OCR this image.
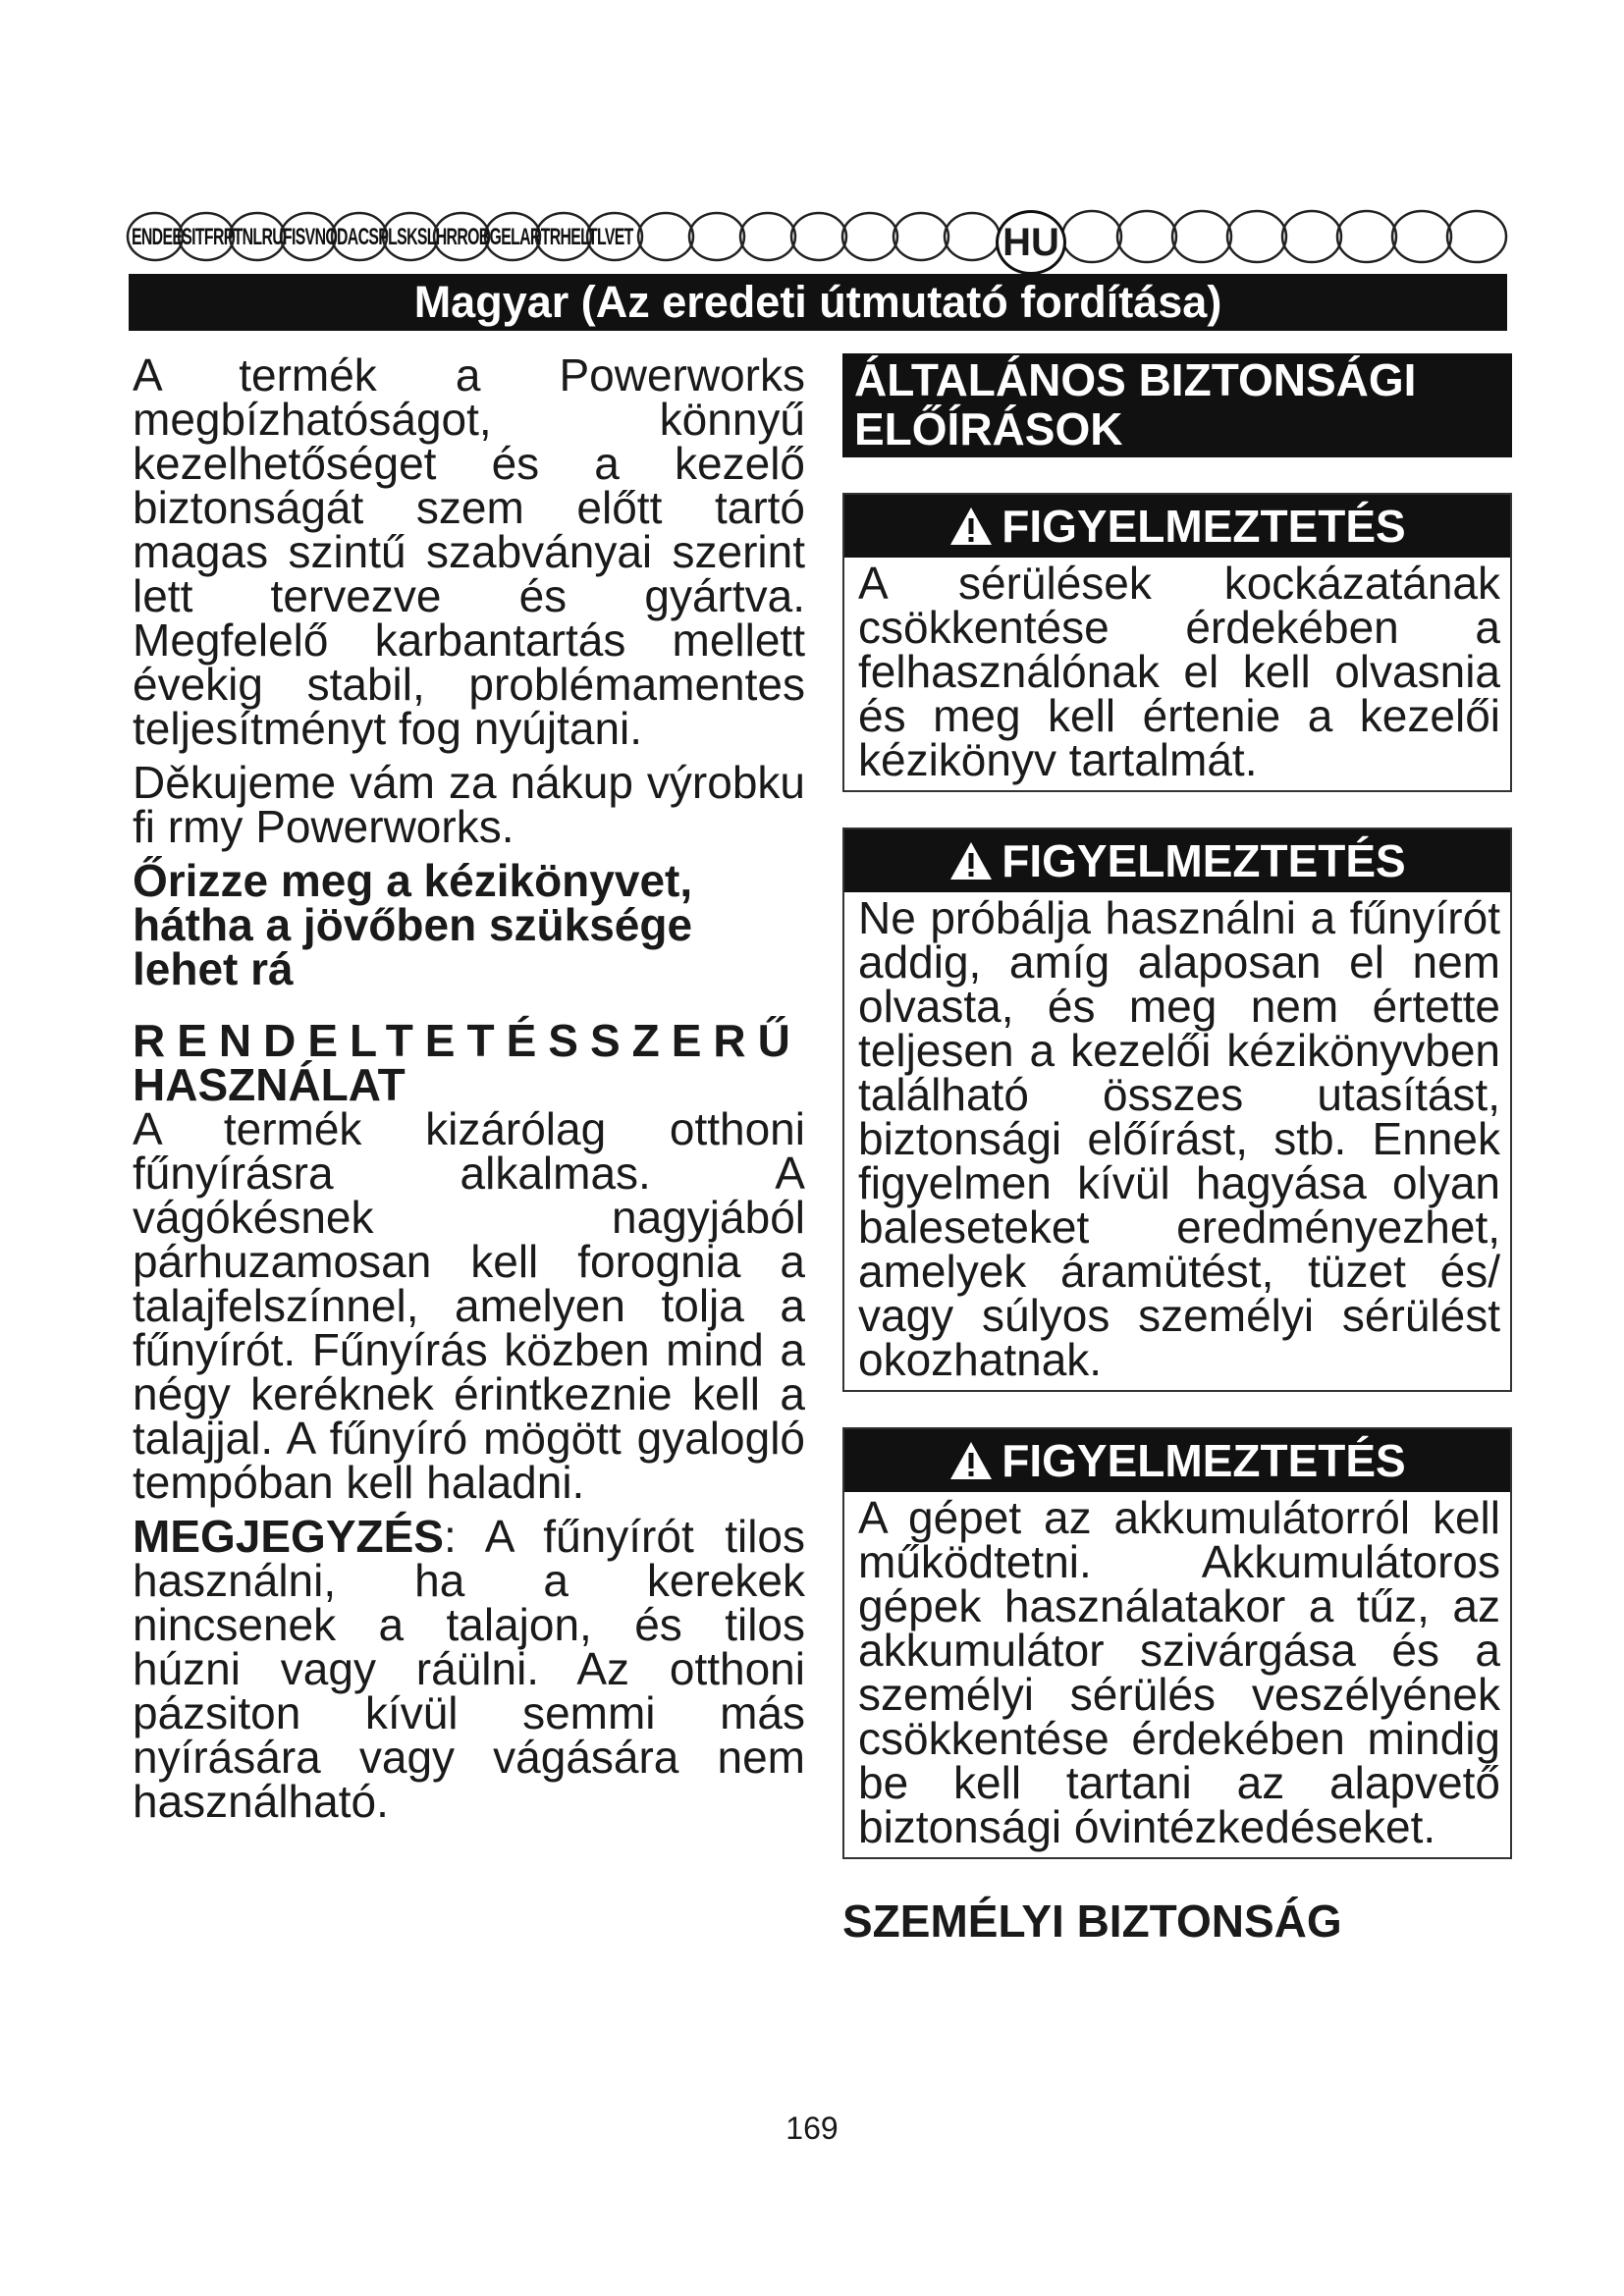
ENDEESITFRPTNLRUFISVNODACSPLSKSLHRROBGELARTRHELTLVET	HU
Magyar (Az eredeti útmutató fordítása)

A termék a Powerworks megbízhatóságot, könnyű kezelhetőséget és a kezelő biztonságát szem előtt tartó magas szintű szabványai szerint lett tervezve és gyártva. Megfelelő karbantartás mellett évekig stabil, problémamentes teljesítményt fog nyújtani.

Děkujeme vám za nákup výrobku fi rmy Powerworks.

Őrizze meg a kézikönyvet, hátha a jövőben szüksége lehet rá

RENDELTETÉSSZERŰ
HASZNÁLAT

A termék kizárólag otthoni fűnyírásra alkalmas. A vágókésnek nagyjából párhuzamosan kell forognia a talajfelszínnel, amelyen tolja a fűnyírót. Fűnyírás közben mind a négy keréknek érintkeznie kell a talajjal. A fűnyíró mögött gyalogló tempóban kell haladni.

MEGJEGYZÉS: A fűnyírót tilos használni, ha a kerekek nincsenek a talajon, és tilos húzni vagy ráülni. Az otthoni pázsiton kívül semmi más nyírására vagy vágására nem használható.

ÁLTALÁNOS BIZTONSÁGI
ELŐÍRÁSOK
FIGYELMEZTETÉS
A sérülések kockázatának csökkentése érdekében a felhasználónak el kell olvasnia és meg kell értenie a kezelői kézikönyv tartalmát.
FIGYELMEZTETÉS
Ne próbálja használni a fűnyírót addig, amíg alaposan el nem olvasta, és meg nem értette teljesen a kezelői kézikönyvben található összes utasítást, biztonsági előírást, stb. Ennek figyelmen kívül hagyása olyan baleseteket eredményezhet, amelyek áramütést, tüzet és/ vagy súlyos személyi sérülést okozhatnak.
FIGYELMEZTETÉS
A gépet az akkumulátorról kell működtetni. Akkumulátoros gépek használatakor a tűz, az akkumulátor szivárgása és a személyi sérülés veszélyének csökkentése érdekében mindig be kell tartani az alapvető biztonsági óvintézkedéseket.
SZEMÉLYI BIZTONSÁG
169
